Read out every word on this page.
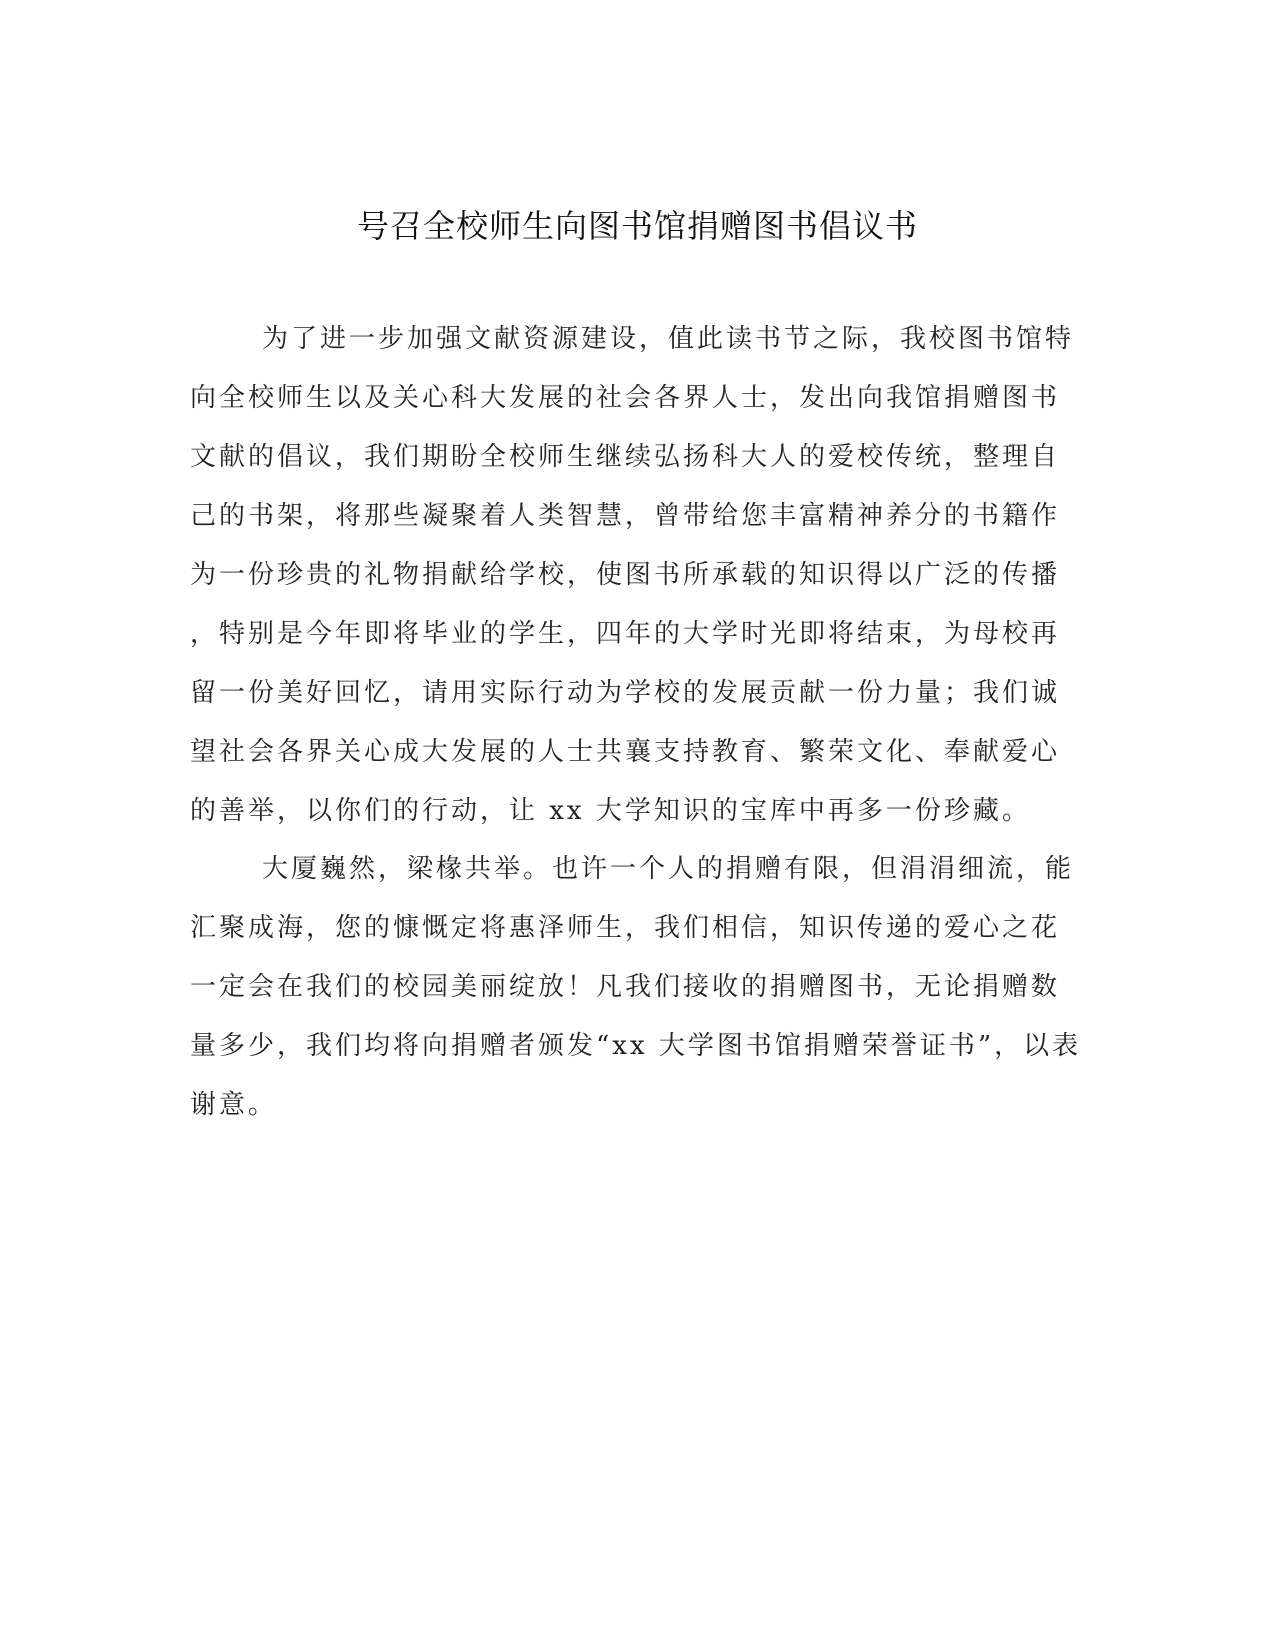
号召全校师生向图书馆捐赠图书倡议书
为了进一步加强文献资源建设，值此读书节之际，我校图书馆特
向全校师生以及关心科大发展的社会各界人士，发出向我馆捐赠图书
文献的倡议，我们期盼全校师生继续弘扬科大人的爱校传统，整理自
己的书架，将那些凝聚着人类智慧，曾带给您丰富精神养分的书籍作
为一份珍贵的礼物捐献给学校，使图书所承载的知识得以广泛的传播
，特别是今年即将毕业的学生，四年的大学时光即将结束，为母校再
留一份美好回忆，请用实际行动为学校的发展贡献一份力量；我们诚
望社会各界关心成大发展的人士共襄支持教育、繁荣文化、奉献爱心
的善举，以你们的行动，让 xx 大学知识的宝库中再多一份珍藏。
大厦巍然，梁椽共举。也许一个人的捐赠有限，但涓涓细流，能
汇聚成海，您的慷慨定将惠泽师生，我们相信，知识传递的爱心之花
一定会在我们的校园美丽绽放！凡我们接收的捐赠图书，无论捐赠数
量多少，我们均将向捐赠者颁发“xx 大学图书馆捐赠荣誉证书”，以表
谢意。
